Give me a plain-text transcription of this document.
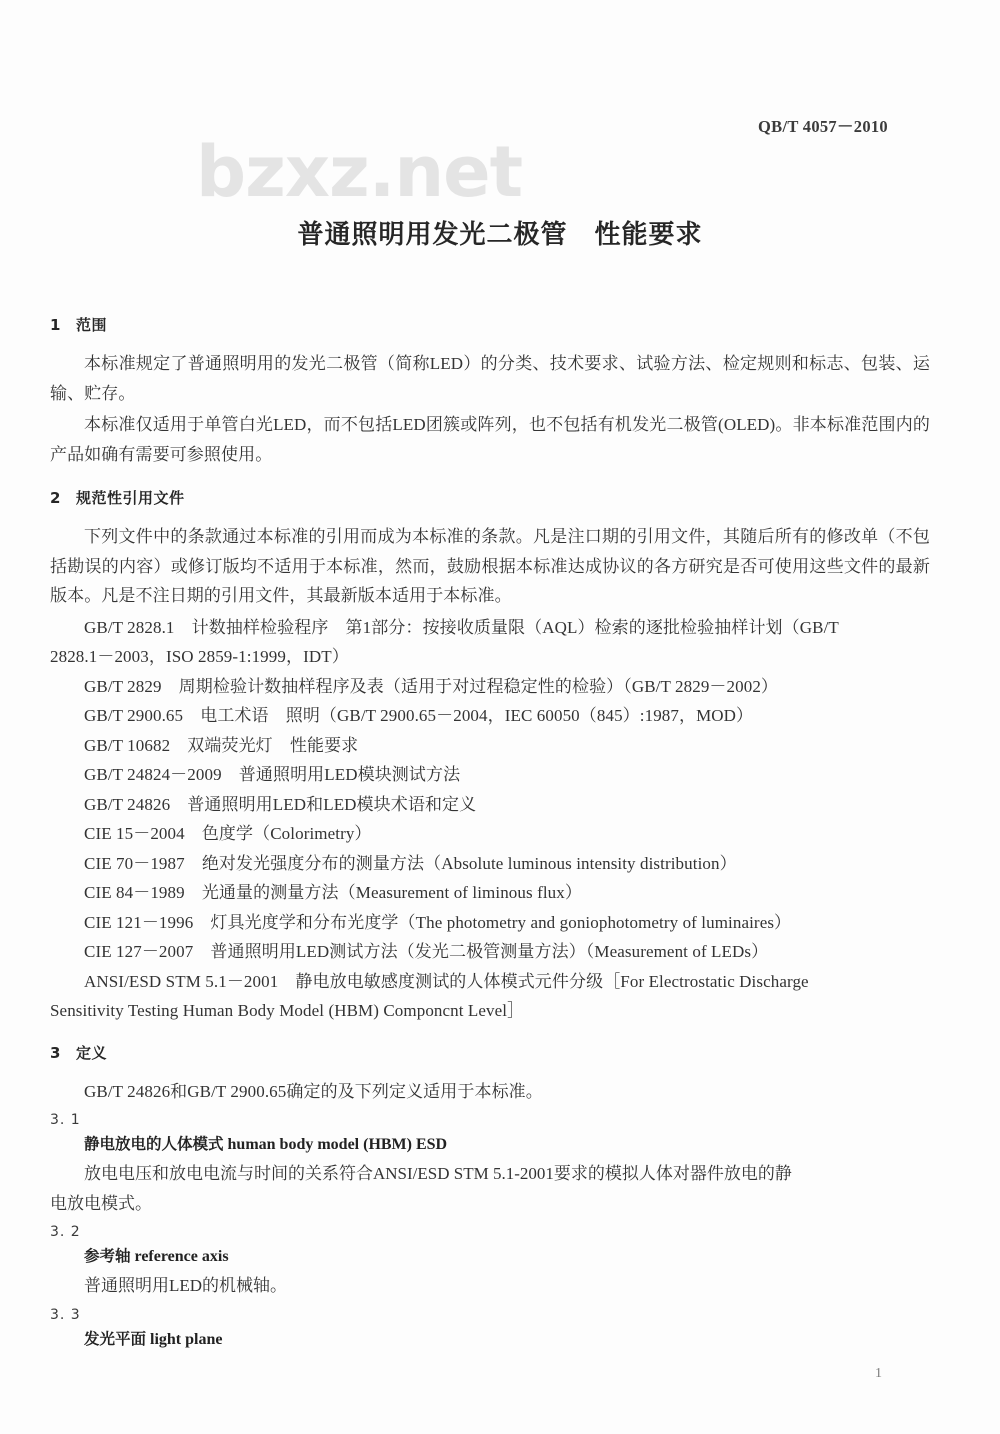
QB/T 4057－2010
bzxz.net
普通照明用发光二极管　性能要求
1 范围

本标准规定了普通照明用的发光二极管（简称LED）的分类、技术要求、试验方法、检定规则和标志、包装、运输、贮存。

本标准仅适用于单管白光LED，而不包括LED团簇或阵列，也不包括有机发光二极管(OLED)。非本标准范围内的产品如确有需要可参照使用。

2 规范性引用文件

下列文件中的条款通过本标准的引用而成为本标准的条款。凡是注口期的引用文件，其随后所有的修改单（不包括勘误的内容）或修订版均不适用于本标准，然而，鼓励根据本标准达成协议的各方研究是否可使用这些文件的最新版本。凡是不注日期的引用文件，其最新版本适用于本标准。

GB/T 2828.1　计数抽样检验程序　第1部分：按接收质量限（AQL）检索的逐批检验抽样计划（GB/T
2828.1－2003，ISO 2859-1:1999，IDT）

GB/T 2829　周期检验计数抽样程序及表（适用于对过程稳定性的检验）（GB/T 2829－2002）

GB/T 2900.65　电工术语　照明（GB/T 2900.65－2004，IEC 60050（845）:1987，MOD）

GB/T 10682　双端荧光灯　性能要求

GB/T 24824－2009　普通照明用LED模块测试方法

GB/T 24826　普通照明用LED和LED模块术语和定义

CIE 15－2004　色度学（Colorimetry）

CIE 70－1987　绝对发光强度分布的测量方法（Absolute luminous intensity distribution）

CIE 84－1989　光通量的测量方法（Measurement of liminous flux）

CIE 121－1996　灯具光度学和分布光度学（The photometry and goniophotometry of luminaires）

CIE 127－2007　普通照明用LED测试方法（发光二极管测量方法）（Measurement of LEDs）

ANSI/ESD STM 5.1－2001　静电放电敏感度测试的人体模式元件分级［For Electrostatic Discharge
Sensitivity Testing Human Body Model (HBM) Componcnt Level］

3 定义

GB/T 24826和GB/T 2900.65确定的及下列定义适用于本标准。

3. 1

静电放电的人体模式 human body model (HBM) ESD

放电电压和放电电流与时间的关系符合ANSI/ESD STM 5.1-2001要求的模拟人体对器件放电的静

电放电模式。

3. 2

参考轴 reference axis

普通照明用LED的机械轴。

3. 3

发光平面 light plane

1
